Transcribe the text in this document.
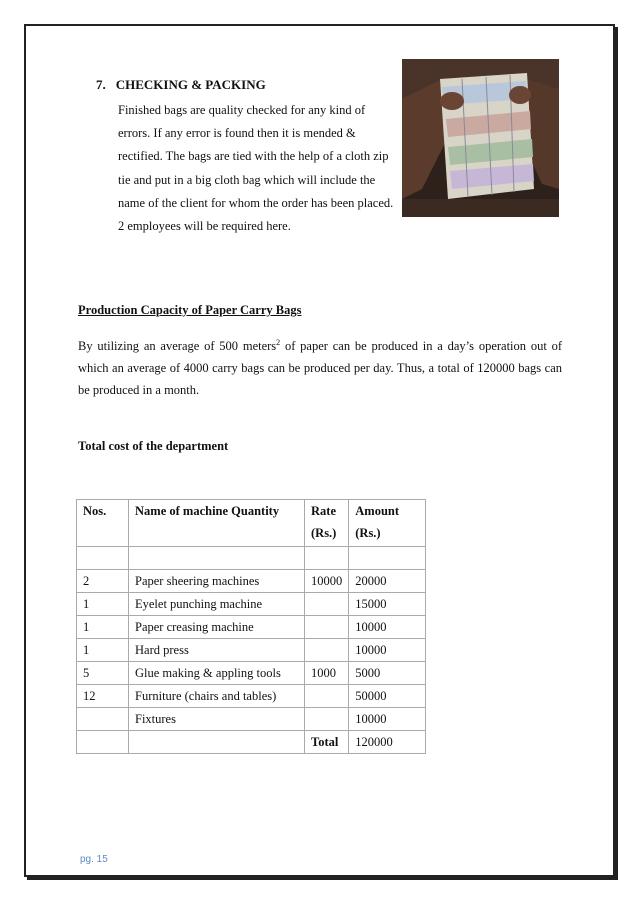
7. CHECKING & PACKING
Finished bags are quality checked for any kind of
errors. If any error is found then it is mended &
rectified. The bags are tied with the help of a cloth zip
tie and put in a big cloth bag which will include the
name of the client for whom the order has been placed.
2 employees will be required here.
Production Capacity of Paper Carry Bags
By utilizing an average of 500 meters$^2$ of paper can be produced in a day’s operation out of which an average of 4000 carry bags can be produced per day. Thus, a total of 120000 bags can be produced in a month.
Total cost of the department
Nos.	Name of machine Quantity	Rate (Rs.)	Amount (Rs.)

2	Paper sheering machines	10000	20000
1	Eyelet punching machine		15000
1	Paper creasing machine		10000
1	Hard press		10000
5	Glue making & appling tools	1000	5000
12	Furniture (chairs and tables)		50000
	Fixtures		10000
		Total	120000
pg. 15
